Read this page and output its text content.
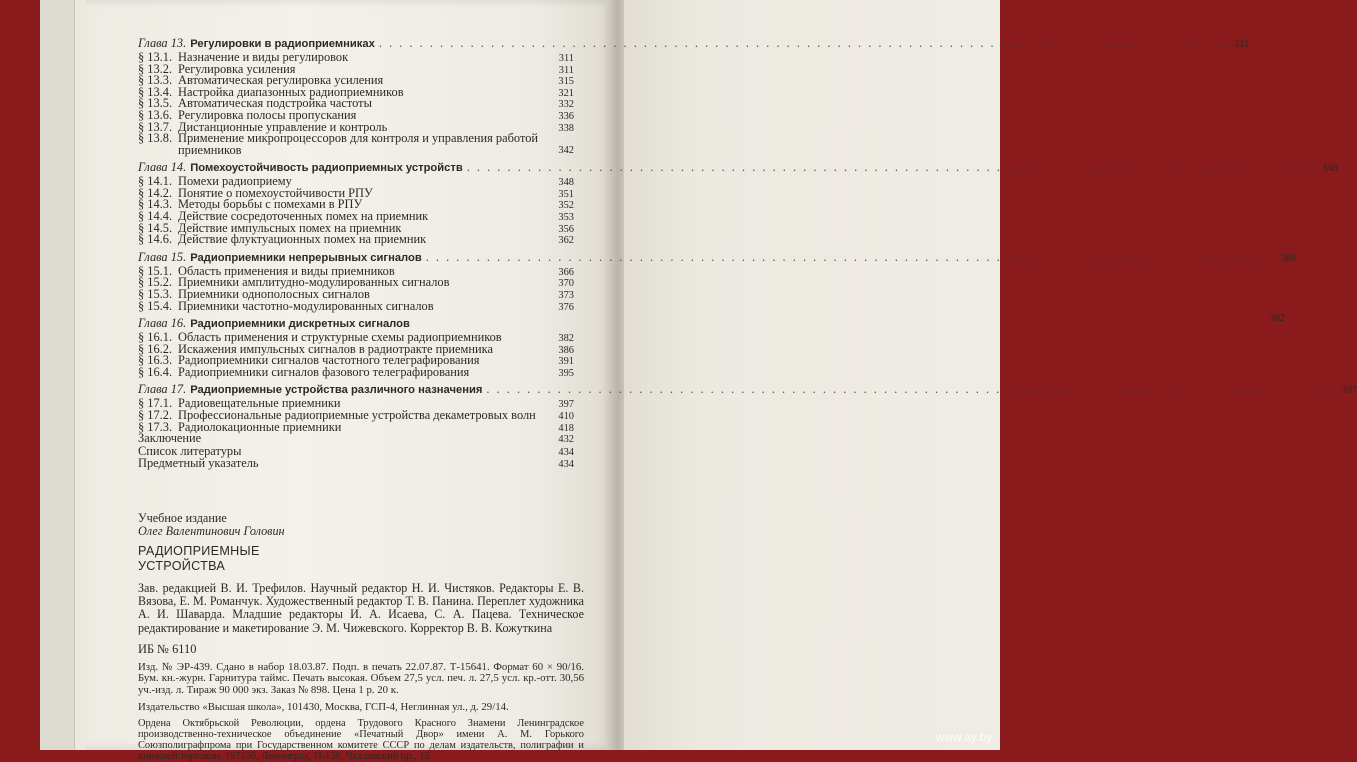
Глава 13. Регулировки в радиоприемниках . . .	311
§ 13.1. Назначение и виды регулировок	311
§ 13.2. Регулировка усиления	311
§ 13.3. Автоматическая регулировка усиления	315
§ 13.4. Настройка диапазонных радиоприемников	321
§ 13.5. Автоматическая подстройка частоты	332
§ 13.6. Регулировка полосы пропускания	336
§ 13.7. Дистанционные управление и контроль	338
§ 13.8. Применение микропроцессоров для контроля и управления работой приемников	342
Глава 14. Помехоустойчивость радиоприемных устройств . . .	348
§ 14.1. Помехи радиоприему	348
§ 14.2. Понятие о помехоустойчивости РПУ	351
§ 14.3. Методы борьбы с помехами в РПУ	352
§ 14.4. Действие сосредоточенных помех на приемник	353
§ 14.5. Действие импульсных помех на приемник	356
§ 14.6. Действие флуктуационных помех на приемник	362
Глава 15. Радиоприемники непрерывных сигналов . . .	366
§ 15.1. Область применения и виды приемников	366
§ 15.2. Приемники амплитудно-модулированных сигналов	370
§ 15.3. Приемники однополосных сигналов	373
§ 15.4. Приемники частотно-модулированных сигналов	376
Глава 16. Радиоприемники дискретных сигналов	382
§ 16.1. Область применения и структурные схемы радиоприемников	382
§ 16.2. Искажения импульсных сигналов в радиотракте приемника	386
§ 16.3. Радиоприемники сигналов частотного телеграфирования	391
§ 16.4. Радиоприемники сигналов фазового телеграфирования	395
Глава 17. Радиоприемные устройства различного назначения . . .	397
§ 17.1. Радиовещательные приемники	397
§ 17.2. Профессиональные радиоприемные устройства декаметровых волн	410
§ 17.3. Радиолокационные приемники	418
Заключение	432
Список литературы	434
Предметный указатель	434
Учебное издание
Олег Валентинович Головин
РАДИОПРИЕМНЫЕ
УСТРОЙСТВА
Зав. редакцией В. И. Трефилов. Научный редактор Н. И. Чистяков. Редакторы Е. В. Вязова, Е. М. Романчук. Художественный редактор Т. В. Панина. Переплет художника А. И. Шаварда. Младшие редакторы И. А. Исаева, С. А. Пацева. Техническое редактирование и макетирование Э. М. Чижевского. Корректор В. В. Кожуткина
ИБ № 6110
Изд. № ЭР-439. Сдано в набор 18.03.87. Подп. в печать 22.07.87. Т-15641. Формат 60 × 90/16. Бум. кн.-журн. Гарнитура таймс. Печать высокая. Объем 27,5 усл. печ. л. 27,5 усл. кр.-отт. 30,56 уч.-изд. л. Тираж 90 000 экз. Заказ № 898. Цена 1 р. 20 к.
Издательство «Высшая школа», 101430, Москва, ГСП-4, Неглинная ул., д. 29/14.
Ордена Октябрьской Революции, ордена Трудового Красного Знамени Ленинградское производственно-техническое объединение «Печатный Двор» имени А. М. Горького Союзполиграфпрома при Государственном комитете СССР по делам издательств, полиграфии и книжной торговли. 197136, Ленинград, П-136, Чкаловский пр., 15
www.ay.by
